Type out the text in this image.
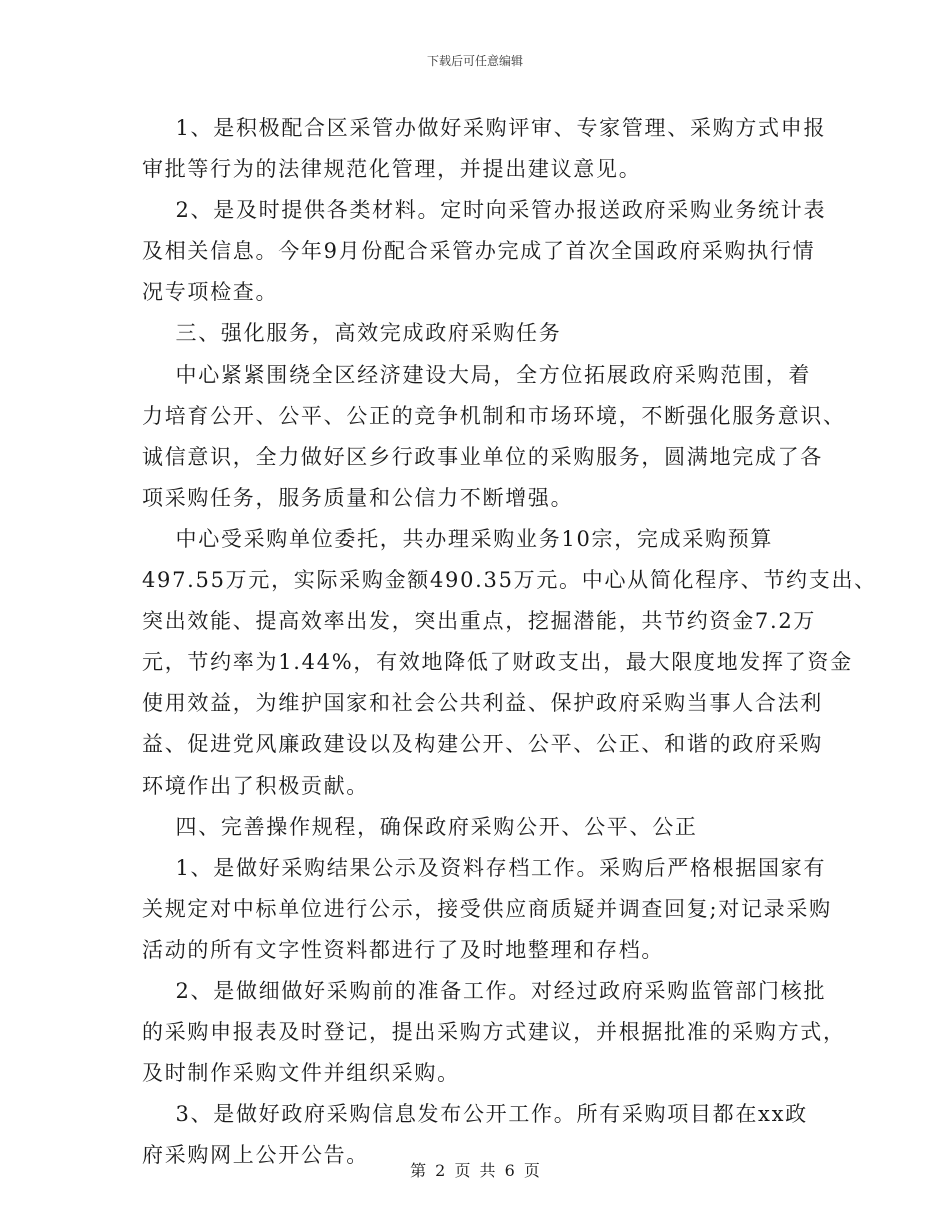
下载后可任意编辑
1、是积极配合区采管办做好采购评审、专家管理、采购方式申报
审批等行为的法律规范化管理，并提出建议意见。
2、是及时提供各类材料。定时向采管办报送政府采购业务统计表
及相关信息。今年9月份配合采管办完成了首次全国政府采购执行情
况专项检查。
三、强化服务，高效完成政府采购任务
中心紧紧围绕全区经济建设大局，全方位拓展政府采购范围，着
力培育公开、公平、公正的竞争机制和市场环境，不断强化服务意识、
诚信意识，全力做好区乡行政事业单位的采购服务，圆满地完成了各
项采购任务，服务质量和公信力不断增强。
中心受采购单位委托，共办理采购业务10宗，完成采购预算
497.55万元，实际采购金额490.35万元。中心从简化程序、节约支出、
突出效能、提高效率出发，突出重点，挖掘潜能，共节约资金7.2万
元，节约率为1.44%，有效地降低了财政支出，最大限度地发挥了资金
使用效益，为维护国家和社会公共利益、保护政府采购当事人合法利
益、促进党风廉政建设以及构建公开、公平、公正、和谐的政府采购
环境作出了积极贡献。
四、完善操作规程，确保政府采购公开、公平、公正
1、是做好采购结果公示及资料存档工作。采购后严格根据国家有
关规定对中标单位进行公示，接受供应商质疑并调查回复;对记录采购
活动的所有文字性资料都进行了及时地整理和存档。
2、是做细做好采购前的准备工作。对经过政府采购监管部门核批
的采购申报表及时登记，提出采购方式建议，并根据批准的采购方式，
及时制作采购文件并组织采购。
3、是做好政府采购信息发布公开工作。所有采购项目都在xx政
府采购网上公开公告。
第 2 页 共 6 页
